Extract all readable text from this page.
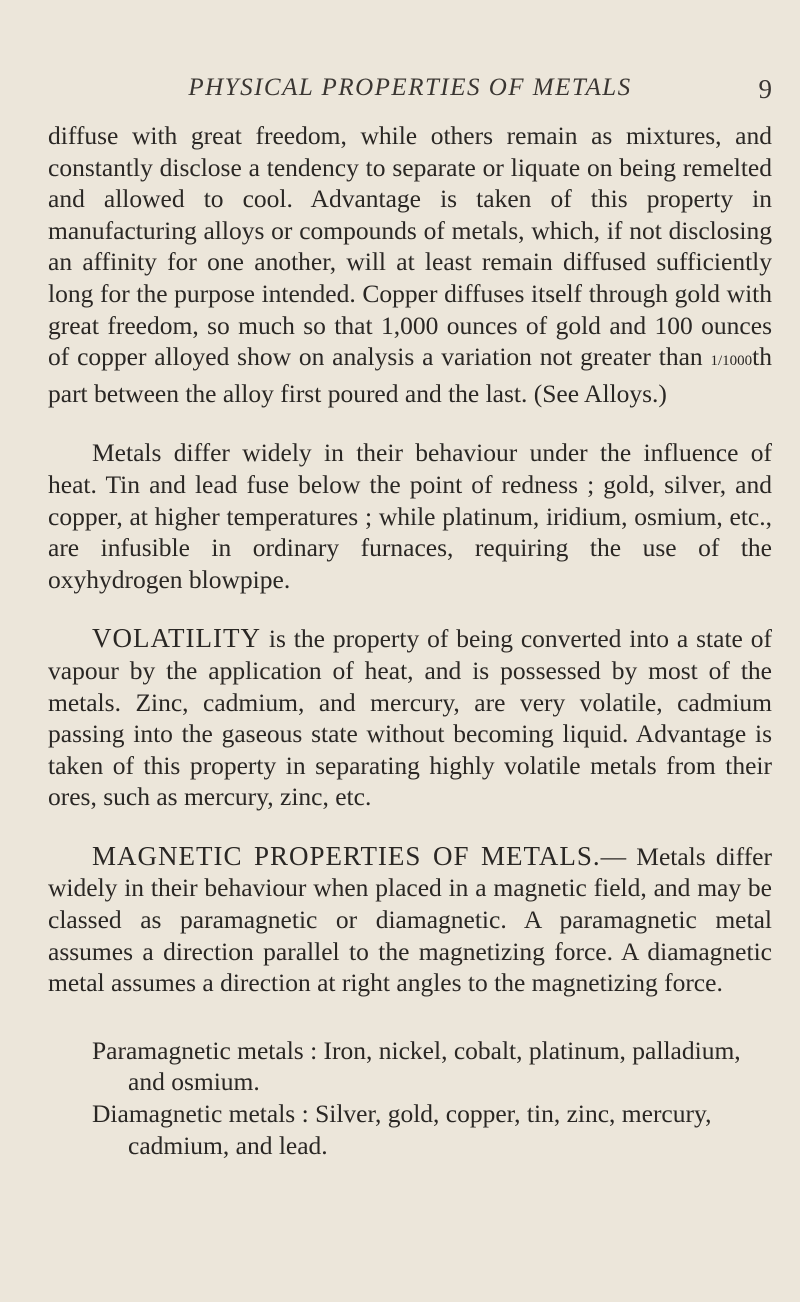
PHYSICAL PROPERTIES OF METALS	9

diffuse with great freedom, while others remain as mixtures, and constantly disclose a tendency to separate or liquate on being remelted and allowed to cool. Advantage is taken of this property in manufacturing alloys or compounds of metals, which, if not disclosing an affinity for one another, will at least remain diffused sufficiently long for the purpose intended. Copper diffuses itself through gold with great freedom, so much so that 1,000 ounces of gold and 100 ounces of copper alloyed show on analysis a variation not greater than 1/1000th part between the alloy first poured and the last. (See Alloys.)

Metals differ widely in their behaviour under the influence of heat. Tin and lead fuse below the point of redness ; gold, silver, and copper, at higher temperatures ; while platinum, iridium, osmium, etc., are infusible in ordinary furnaces, requiring the use of the oxyhydrogen blowpipe.

VOLATILITY is the property of being converted into a state of vapour by the application of heat, and is possessed by most of the metals. Zinc, cadmium, and mercury, are very volatile, cadmium passing into the gaseous state without becoming liquid. Advantage is taken of this property in separating highly volatile metals from their ores, such as mercury, zinc, etc.

MAGNETIC PROPERTIES OF METALS.— Metals differ widely in their behaviour when placed in a magnetic field, and may be classed as paramagnetic or diamagnetic. A paramagnetic metal assumes a direction parallel to the magnetizing force. A diamagnetic metal assumes a direction at right angles to the magnetizing force.

Paramagnetic metals : Iron, nickel, cobalt, platinum, palladium, and osmium.

Diamagnetic metals : Silver, gold, copper, tin, zinc, mercury, cadmium, and lead.
